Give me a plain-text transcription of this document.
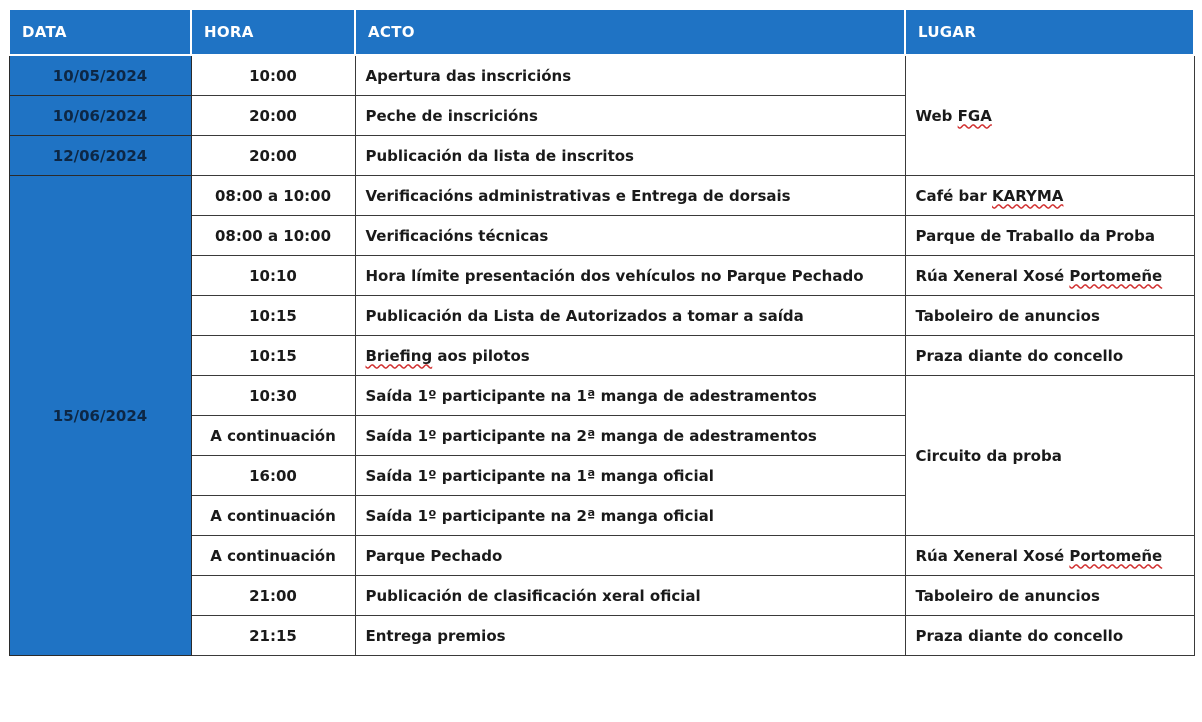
DATA	HORA	ACTO	LUGAR
10/05/2024	10:00	Apertura das inscricións	Web FGA
10/06/2024	20:00	Peche de inscricións	
12/06/2024	20:00	Publicación da lista de inscritos	
15/06/2024	08:00 a 10:00	Verificacións administrativas e Entrega de dorsais	Café bar KARYMA
	08:00 a 10:00	Verificacións técnicas	Parque de Traballo da Proba
	10:10	Hora límite presentación dos vehículos no Parque Pechado	Rúa Xeneral Xosé Portomeñe
	10:15	Publicación da Lista de Autorizados a tomar a saída	Taboleiro de anuncios
	10:15	Briefing aos pilotos	Praza diante do concello
	10:30	Saída 1º participante na 1ª manga de adestramentos	Circuito da proba
	A continuación	Saída 1º participante na 2ª manga de adestramentos	
	16:00	Saída 1º participante na 1ª manga oficial	
	A continuación	Saída 1º participante na 2ª manga oficial	
	A continuación	Parque Pechado	Rúa Xeneral Xosé Portomeñe
	21:00	Publicación de clasificación xeral oficial	Taboleiro de anuncios
	21:15	Entrega premios	Praza diante do concello
